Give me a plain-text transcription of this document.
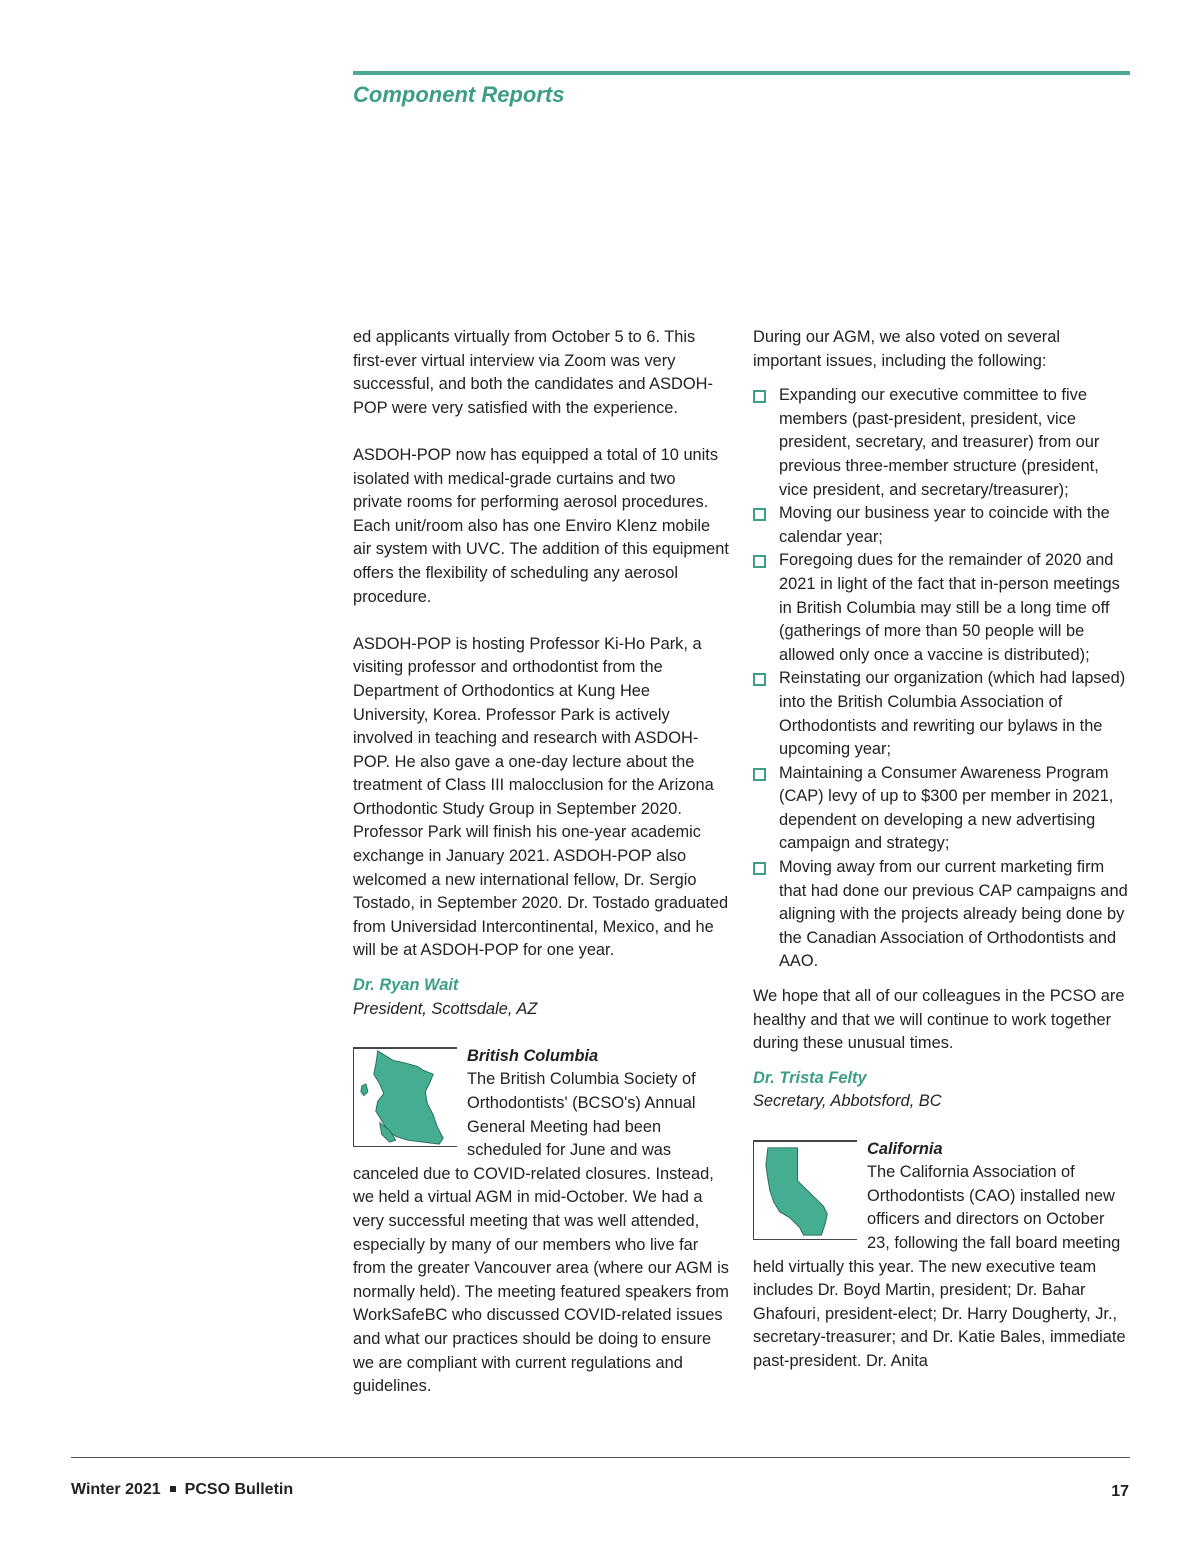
Component Reports

ed applicants virtually from October 5 to 6. This first-ever virtual interview via Zoom was very successful, and both the candidates and ASDOH-POP were very satisfied with the experience.

ASDOH-POP now has equipped a total of 10 units isolated with medical-grade curtains and two private rooms for performing aerosol procedures. Each unit/room also has one Enviro Klenz mobile air system with UVC. The addition of this equipment offers the flexibility of scheduling any aerosol procedure.

ASDOH-POP is hosting Professor Ki-Ho Park, a visiting professor and orthodontist from the Department of Orthodontics at Kung Hee University, Korea. Professor Park is actively involved in teaching and research with ASDOH-POP. He also gave a one-day lecture about the treatment of Class III malocclusion for the Arizona Orthodontic Study Group in September 2020. Professor Park will finish his one-year academic exchange in January 2021. ASDOH-POP also welcomed a new international fellow, Dr. Sergio Tostado, in September 2020. Dr. Tostado graduated from Universidad Intercontinental, Mexico, and he will be at ASDOH-POP for one year.

Dr. Ryan Wait

President, Scottsdale, AZ

British Columbia

The British Columbia Society of Orthodontists' (BCSO's) Annual General Meeting had been scheduled for June and was canceled due to COVID-related closures. Instead, we held a virtual AGM in mid-October. We had a very successful meeting that was well attended, especially by many of our members who live far from the greater Vancouver area (where our AGM is normally held). The meeting featured speakers from WorkSafeBC who discussed COVID-related issues and what our practices should be doing to ensure we are compliant with current regulations and guidelines.

During our AGM, we also voted on several important issues, including the following:

Expanding our executive committee to five members (past-president, president, vice president, secretary, and treasurer) from our previous three-member structure (president, vice president, and secretary/treasurer);
Moving our business year to coincide with the calendar year;
Foregoing dues for the remainder of 2020 and 2021 in light of the fact that in-person meetings in British Columbia may still be a long time off (gatherings of more than 50 people will be allowed only once a vaccine is distributed);
Reinstating our organization (which had lapsed) into the British Columbia Association of Orthodontists and rewriting our bylaws in the upcoming year;
Maintaining a Consumer Awareness Program (CAP) levy of up to $300 per member in 2021, dependent on developing a new advertising campaign and strategy;
Moving away from our current marketing firm that had done our previous CAP campaigns and aligning with the projects already being done by the Canadian Association of Orthodontists and AAO.

We hope that all of our colleagues in the PCSO are healthy and that we will continue to work together during these unusual times.

Dr. Trista Felty

Secretary, Abbotsford, BC

California

The California Association of Orthodontists (CAO) installed new officers and directors on October 23, following the fall board meeting held virtually this year. The new executive team includes Dr. Boyd Martin, president; Dr. Bahar Ghafouri, president-elect; Dr. Harry Dougherty, Jr., secretary-treasurer; and Dr. Katie Bales, immediate past-president. Dr. Anita

Winter 2021 PCSO Bulletin	17
